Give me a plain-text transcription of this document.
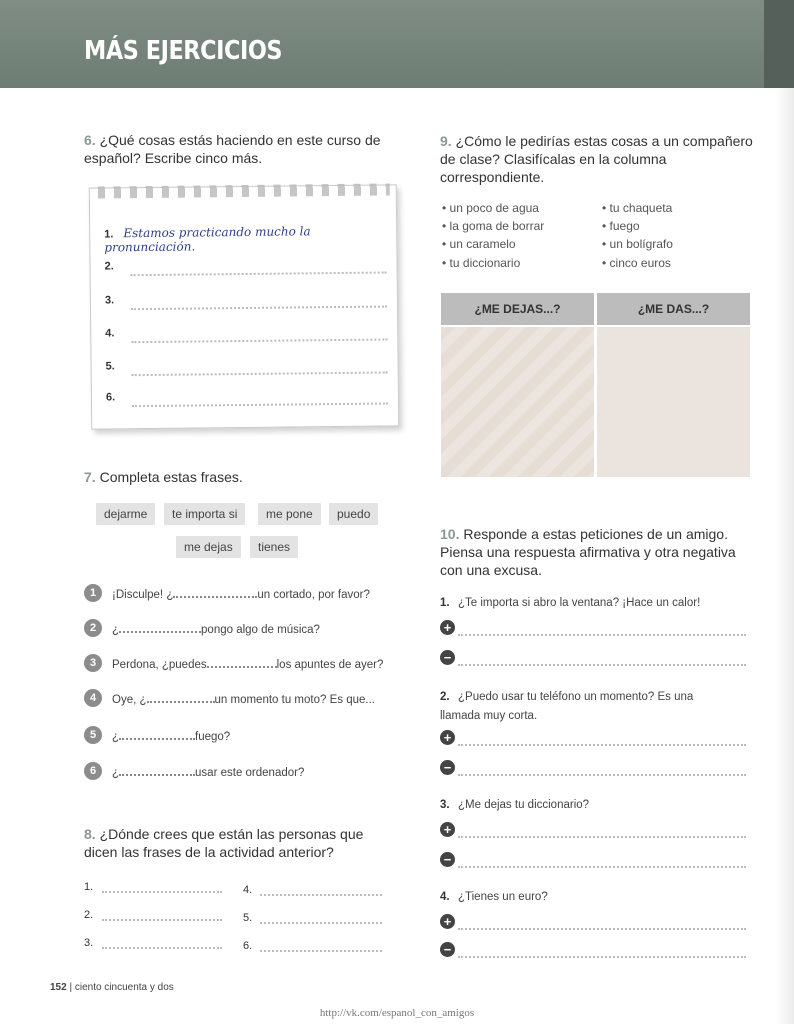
MÁS EJERCICIOS

6. ¿Qué cosas estás haciendo en este curso de español? Escribe cinco más.

1. Estamos practicando mucho la pronunciación.
2.
3.
4.
5.
6.

7. Completa estas frases.

dejarme	te importa si	me pone	puedo
me dejas	tienes
1	¡Disculpe! ¿	un cortado, por favor?
2	¿	pongo algo de música?
3	Perdona, ¿puedes	los apuntes de ayer?
4	Oye, ¿	un momento tu moto? Es que...
5	¿	fuego?
6	¿	usar este ordenador?

8. ¿Dónde crees que están las personas que dicen las frases de la actividad anterior?

1.
2.
3.
4.
5.
6.

9. ¿Cómo le pedirías estas cosas a un compañero de clase? Clasifícalas en la columna correspondiente.

• un poco de agua
• la goma de borrar
• un caramelo
• tu diccionario
• tu chaqueta
• fuego
• un bolígrafo
• cinco euros
¿ME DEJAS...?	¿ME DAS...?

10. Responde a estas peticiones de un amigo. Piensa una respuesta afirmativa y otra negativa con una excusa.

1. ¿Te importa si abro la ventana? ¡Hace un calor!
+
−
2. ¿Puedo usar tu teléfono un momento? Es una llamada muy corta.
+
−
3. ¿Me dejas tu diccionario?
+
−
4. ¿Tienes un euro?
+
−
152 | ciento cincuenta y dos
http://vk.com/espanol_con_amigos
